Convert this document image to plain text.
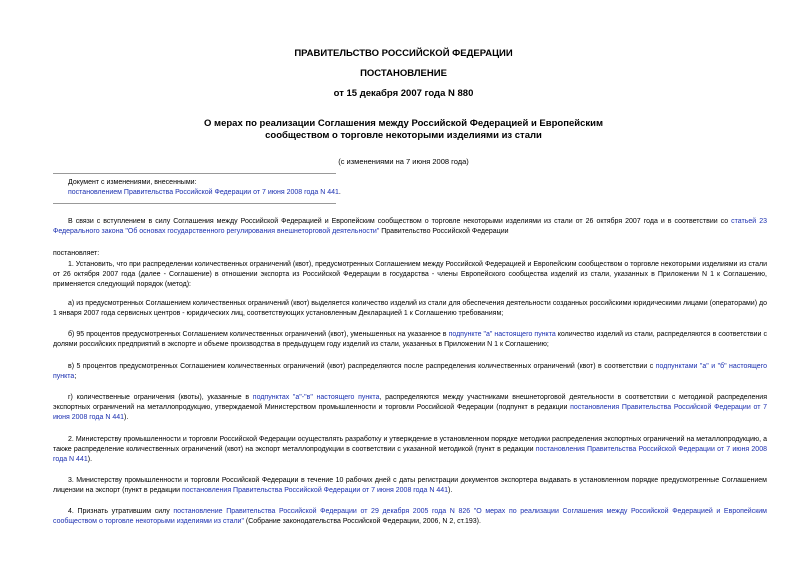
ПРАВИТЕЛЬСТВО РОССИЙСКОЙ ФЕДЕРАЦИИ
ПОСТАНОВЛЕНИЕ
от 15 декабря 2007 года N 880
О мерах по реализации Соглашения между Российской Федерацией и Европейским сообществом о торговле некоторыми изделиями из стали
(с изменениями на 7 июня 2008 года)
Документ с изменениями, внесенными:
постановлением Правительства Российской Федерации от 7 июня 2008 года N 441.
В связи с вступлением в силу Соглашения между Российской Федерацией и Европейским сообществом о торговле некоторыми изделиями из стали от 26 октября 2007 года и в соответствии со статьей 23 Федерального закона "Об основах государственного регулирования внешнеторговой деятельности" Правительство Российской Федерации
постановляет:
1. Установить, что при распределении количественных ограничений (квот), предусмотренных Соглашением между Российской Федерацией и Европейским сообществом о торговле некоторыми изделиями из стали от 26 октября 2007 года (далее - Соглашение) в отношении экспорта из Российской Федерации в государства - члены Европейского сообщества изделий из стали, указанных в Приложении N 1 к Соглашению, применяется следующий порядок (метод):
а) из предусмотренных Соглашением количественных ограничений (квот) выделяется количество изделий из стали для обеспечения деятельности созданных российскими юридическими лицами (операторами) до 1 января 2007 года сервисных центров - юридических лиц, соответствующих установленным Декларацией 1 к Соглашению требованиям;
б) 95 процентов предусмотренных Соглашением количественных ограничений (квот), уменьшенных на указанное в подпункте "а" настоящего пункта количество изделий из стали, распределяются в соответствии с долями российских предприятий в экспорте и объеме производства в предыдущем году изделий из стали, указанных в Приложении N 1 к Соглашению;
в) 5 процентов предусмотренных Соглашением количественных ограничений (квот) распределяются после распределения количественных ограничений (квот) в соответствии с подпунктами "а" и "б" настоящего пункта;
г) количественные ограничения (квоты), указанные в подпунктах "а"-"в" настоящего пункта, распределяются между участниками внешнеторговой деятельности в соответствии с методикой распределения экспортных ограничений на металлопродукцию, утверждаемой Министерством промышленности и торговли Российской Федерации (подпункт в редакции постановления Правительства Российской Федерации от 7 июня 2008 года N 441).
2. Министерству промышленности и торговли Российской Федерации осуществлять разработку и утверждение в установленном порядке методики распределения экспортных ограничений на металлопродукцию, а также распределение количественных ограничений (квот) на экспорт металлопродукции в соответствии с указанной методикой (пункт в редакции постановления Правительства Российской Федерации от 7 июня 2008 года N 441).
3. Министерству промышленности и торговли Российской Федерации в течение 10 рабочих дней с даты регистрации документов экспортера выдавать в установленном порядке предусмотренные Соглашением лицензии на экспорт (пункт в редакции постановления Правительства Российской Федерации от 7 июня 2008 года N 441).
4. Признать утратившим силу постановление Правительства Российской Федерации от 29 декабря 2005 года N 826 "О мерах по реализации Соглашения между Российской Федерацией и Европейским сообществом о торговле некоторыми изделиями из стали" (Собрание законодательства Российской Федерации, 2006, N 2, ст.193).
